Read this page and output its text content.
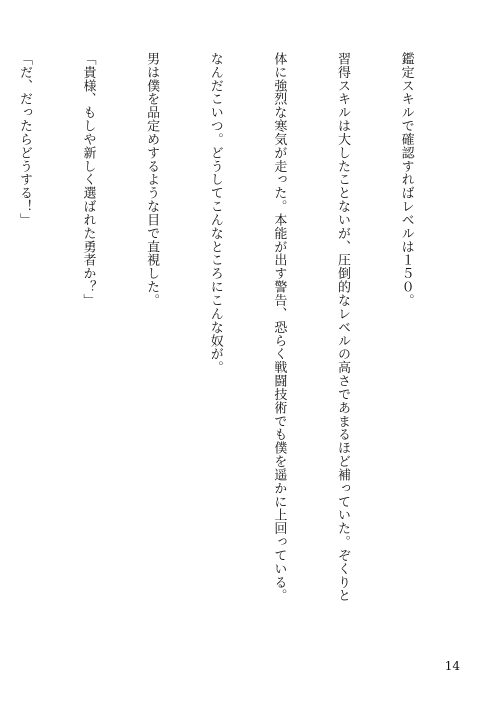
鑑定スキルで確認すればレベルは１５０。

習得スキルは大したことないが、圧倒的なレベルの高さであまるほど補っていた。ぞくりと

体に強烈な寒気が走った。本能が出す警告、恐らく戦闘技術でも僕を遥かに上回っている。

なんだこいつ。どうしてこんなところにこんな奴が。

男は僕を品定めするような目で直視した。

「貴様、もしや新しく選ばれた勇者か？」

「だ、だったらどうする！」

14
